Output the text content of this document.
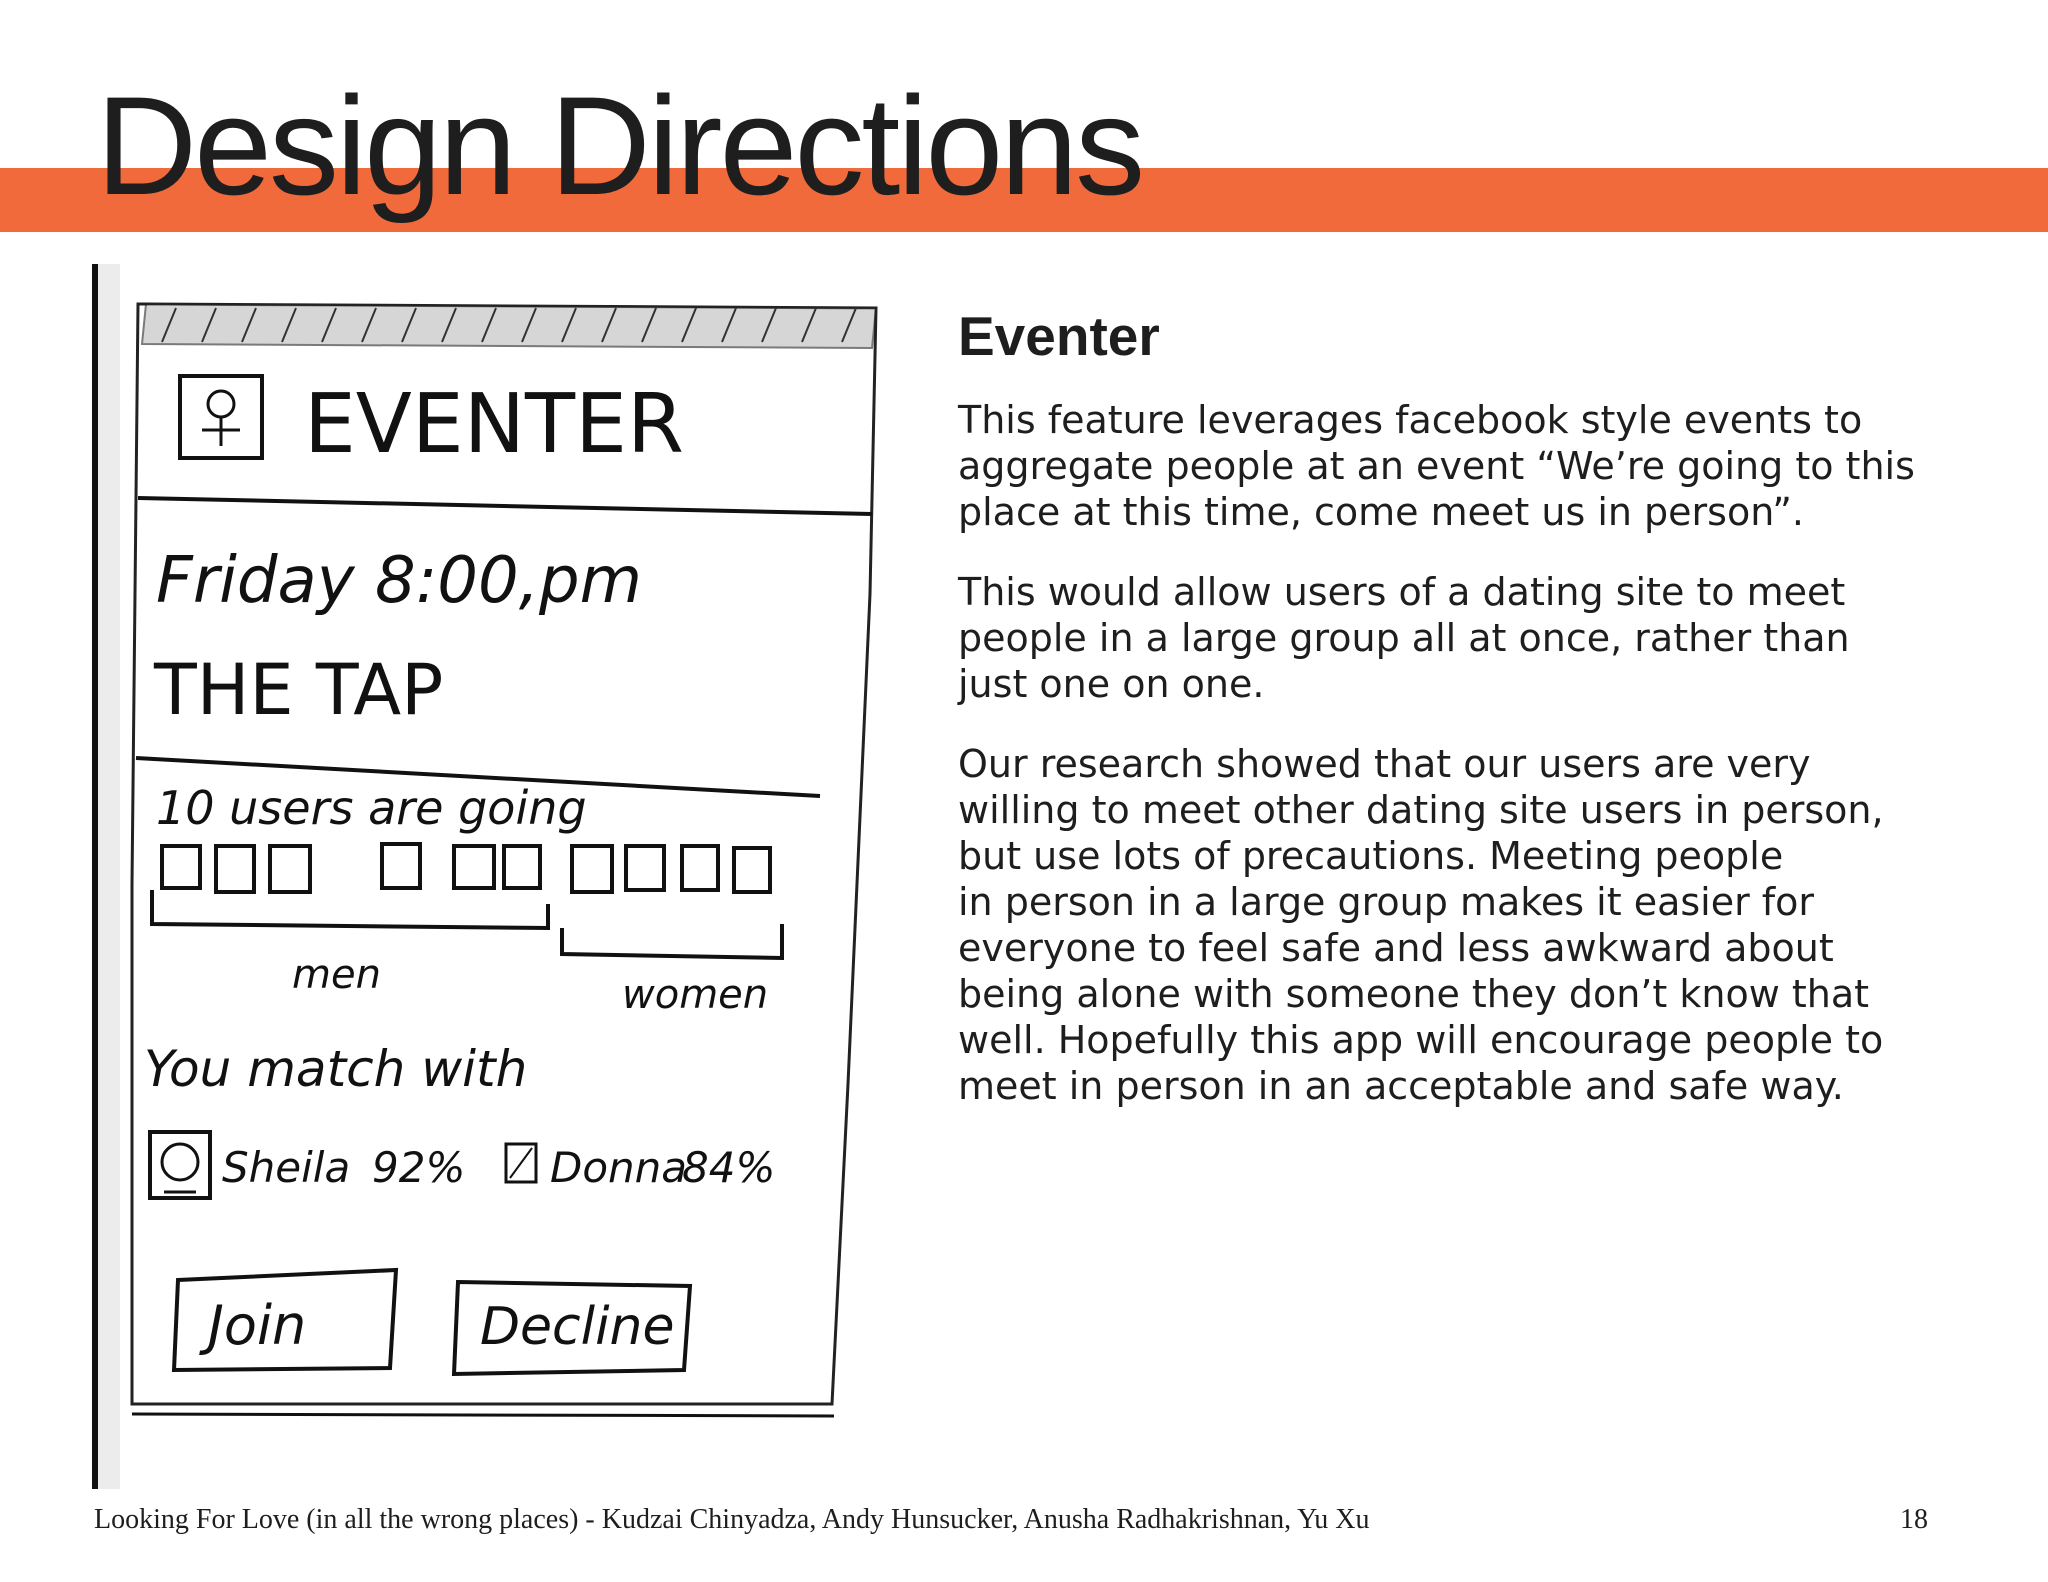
Design Directions
EVENTER
Friday 8:00,pm
THE TAP
10 users are going
men	women
You match with
Sheila 92% Donna
84%
Join	Decline
Eventer

This feature leverages facebook style events to
aggregate people at an event “We’re going to this
place at this time, come meet us in person”.

This would allow users of a dating site to meet
people in a large group all at once, rather than
just one on one.

Our research showed that our users are very
willing to meet other dating site users in person,
but use lots of precautions. Meeting people
in person in a large group makes it easier for
everyone to feel safe and less awkward about
being alone with someone they don’t know that
well. Hopefully this app will encourage people to
meet in person in an acceptable and safe way.

Looking For Love (in all the wrong places) - Kudzai Chinyadza, Andy Hunsucker, Anusha Radhakrishnan, Yu Xu	18
